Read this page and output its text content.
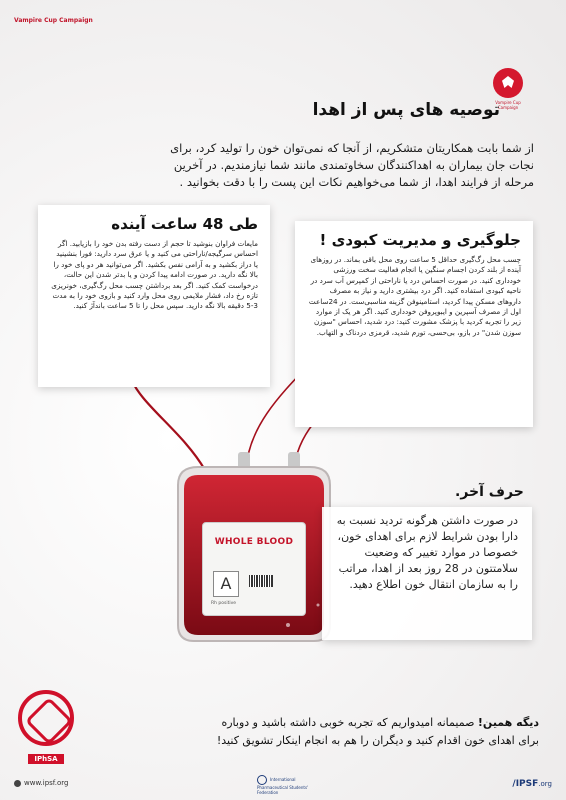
Vampire Cup Campaign
Vampire Cup Campaign
توصیه های پس از اهدا
از شما بابت همکاریتان متشکریم، از آنجا که نمی‌توان خون را تولید کرد، برای نجات جان بیماران به اهداکنندگان سخاوتمندی مانند شما نیازمندیم. در آخرین مرحله از فرایند اهدا، از شما می‌خواهیم نکات این پست را با دقت بخوانید .
WHOLE BLOOD
A
Rh positive
طی 48 ساعت آینده
مایعات فراوان بنوشید تا حجم از دست رفته بدن خود را بازیابید. اگر احساس سرگیجه/ناراحتی می کنید و یا عرق سرد دارید: فورا بنشینید یا دراز بکشید و به آرامی نفس بکشید. اگر می‌توانید هر دو پای خود را بالا نگه دارید. در صورت ادامه پیدا کردن و یا بدتر شدن این حالت، درخواست کمک کنید. اگر بعد برداشتن چسب محل رگ‌گیری، خونریزی تازه رخ داد، فشار ملایمی روی محل وارد کنید و بازوی خود را به مدت 3-5 دقیقه بالا نگه دارید. سپس محل را تا 5 ساعت باندآژ کنید.
جلوگیری و مدیریت کبودی !
چسب محل رگ‌گیری حداقل 5 ساعت روی محل باقی بماند. در روزهای آینده از بلند کردن اجسام سنگین یا انجام فعالیت سخت ورزشی خودداری کنید. در صورت احساس درد یا ناراحتی از کمپرس آب سرد در ناحیه کبودی استفاده کنید. اگر درد بیشتری دارید و نیاز به مصرف داروهای مسکن پیدا کردید، استامینوفن گزینه مناسبی‌ست. در 24ساعت اول از مصرف آسپرین و ایبوپروفن خودداری کنید. اگر هر یک از موارد زیر را تجربه کردید با پزشک مشورت کنید: درد شدید، احساس "سوزن سوزن شدن" در بازو، بی‌حسی، تورم شدید، قرمزی دردناک و التهاب.
حرف آخر.
در صورت داشتن هرگونه تردید نسبت به دارا بودن شرایط لازم برای اهدای خون، خصوصا در موارد تغییر که وضعیت سلامتتون در 28 روز بعد از اهدا، مراتب را به سازمان انتقال خون اطلاع دهید.
IPhSA
www.ipsf.org
دیگه همین! صمیمانه امیدواریم که تجربه خوبی داشته باشید و دوباره برای اهدای خون اقدام کنید و دیگران را هم به انجام اینکار تشویق کنید!
International Pharmaceutical Students' Federation
/IPSF.org
